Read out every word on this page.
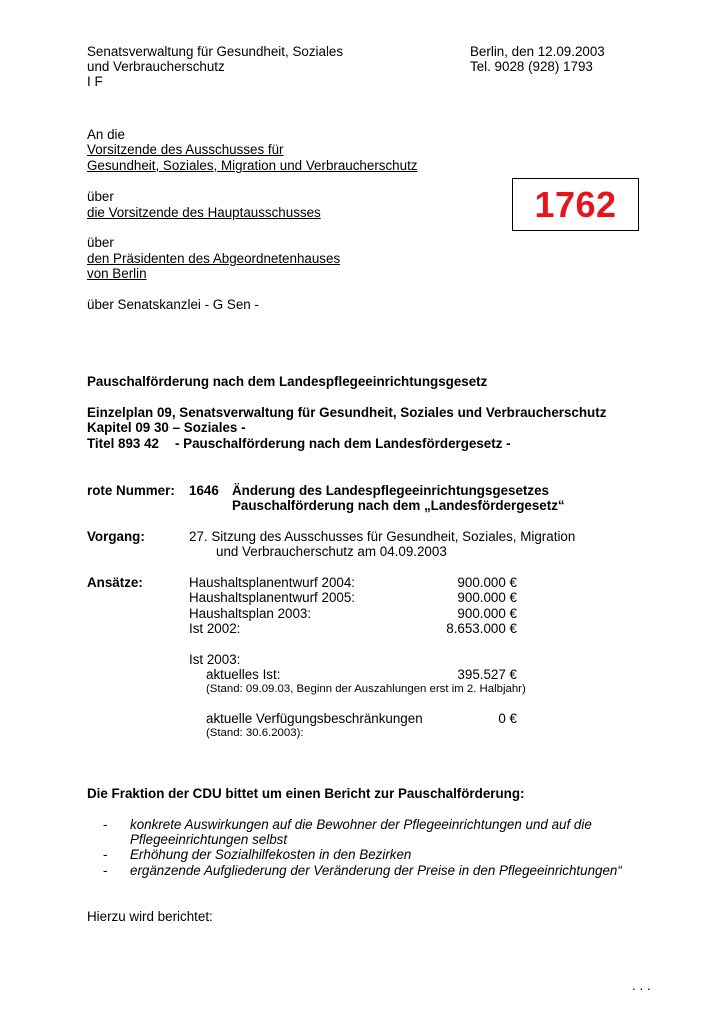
Senatsverwaltung für Gesundheit, Soziales
und Verbraucherschutz
I F
Berlin, den 12.09.2003
Tel. 9028 (928) 1793
1762
An die
Vorsitzende des Ausschusses für
Gesundheit, Soziales, Migration und Verbraucherschutz
über
die Vorsitzende des Hauptausschusses
über
den Präsidenten des Abgeordnetenhauses
von Berlin
über Senatskanzlei - G Sen -
Pauschalförderung nach dem Landespflegeeinrichtungsgesetz
Einzelplan 09, Senatsverwaltung für Gesundheit, Soziales und Verbraucherschutz
Kapitel 09 30 – Soziales -
Titel 893 42 - Pauschalförderung nach dem Landesfördergesetz -
rote Nummer: 1646 Änderung des Landespflegeeinrichtungsgesetzes
Pauschalförderung nach dem „Landesfördergesetz“
Vorgang:	27. Sitzung des Ausschusses für Gesundheit, Soziales, Migration
und Verbraucherschutz am 04.09.2003
Ansätze:	Haushaltsplanentwurf 2004:	900.000 €
Haushaltsplanentwurf 2005:	900.000 €
Haushaltsplan 2003:	900.000 €
Ist 2002:	8.653.000 €
Ist 2003:
aktuelles Ist:	395.527 €
(Stand: 09.09.03, Beginn der Auszahlungen erst im 2. Halbjahr)
aktuelle Verfügungsbeschränkungen	0 €
(Stand: 30.6.2003):
Die Fraktion der CDU bittet um einen Bericht zur Pauschalförderung:
- konkrete Auswirkungen auf die Bewohner der Pflegeeinrichtungen und auf die
Pflegeeinrichtungen selbst
- Erhöhung der Sozialhilfekosten in den Bezirken
- ergänzende Aufgliederung der Veränderung der Preise in den Pflegeeinrichtungen“
Hierzu wird berichtet:
. . .
